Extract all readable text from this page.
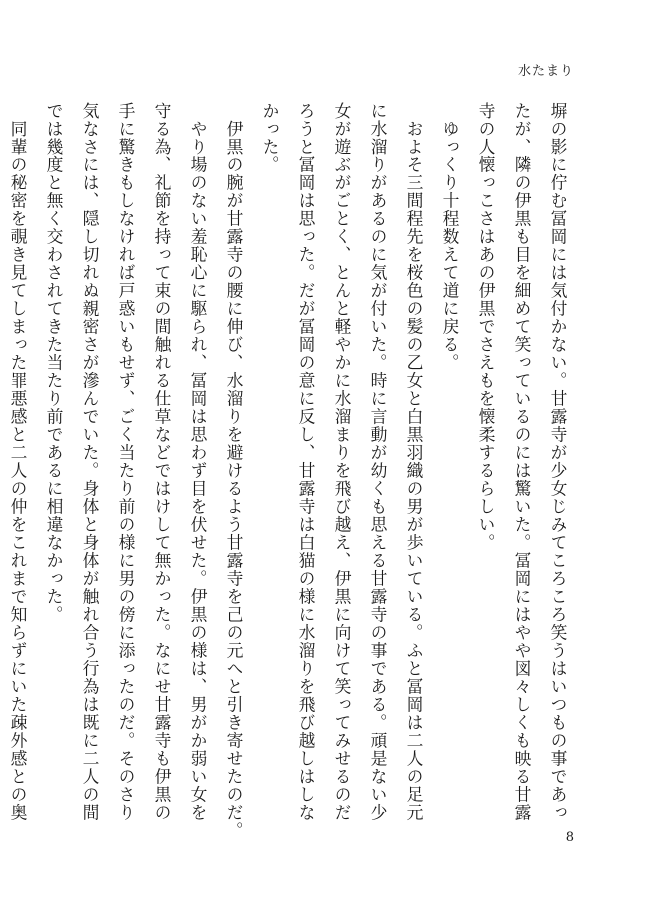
水たまり

塀の影に佇む冨岡には気付かない。甘露寺が少女じみてころころ笑うはいつもの事であっ

たが、隣の伊黒も目を細めて笑っているのには驚いた。冨岡にはやや図々しくも映る甘露

寺の人懐っこさはあの伊黒でさえもを懐柔するらしい。

　ゆっくり十程数えて道に戻る。

　およそ三間程先を桜色の髪の乙女と白黒羽織の男が歩いている。ふと冨岡は二人の足元

に水溜りがあるのに気が付いた。時に言動が幼くも思える甘露寺の事である。頑是ない少

女が遊ぶがごとく、とんと軽やかに水溜まりを飛び越え、伊黒に向けて笑ってみせるのだ

ろうと冨岡は思った。だが冨岡の意に反し、甘露寺は白猫の様に水溜りを飛び越しはしな

かった。

　伊黒の腕が甘露寺の腰に伸び、水溜りを避けるよう甘露寺を己の元へと引き寄せたのだ。

　やり場のない羞恥心に駆られ、冨岡は思わず目を伏せた。伊黒の様は、男がか弱い女を

守る為、礼節を持って束の間触れる仕草などではけして無かった。なにせ甘露寺も伊黒の

手に驚きもしなければ戸惑いもせず、ごく当たり前の様に男の傍に添ったのだ。そのさり

気なさには、隠し切れぬ親密さが滲んでいた。身体と身体が触れ合う行為は既に二人の間

では幾度と無く交わされてきた当たり前であるに相違なかった。

　同輩の秘密を覗き見てしまった罪悪感と二人の仲をこれまで知らずにいた疎外感との奥

8
